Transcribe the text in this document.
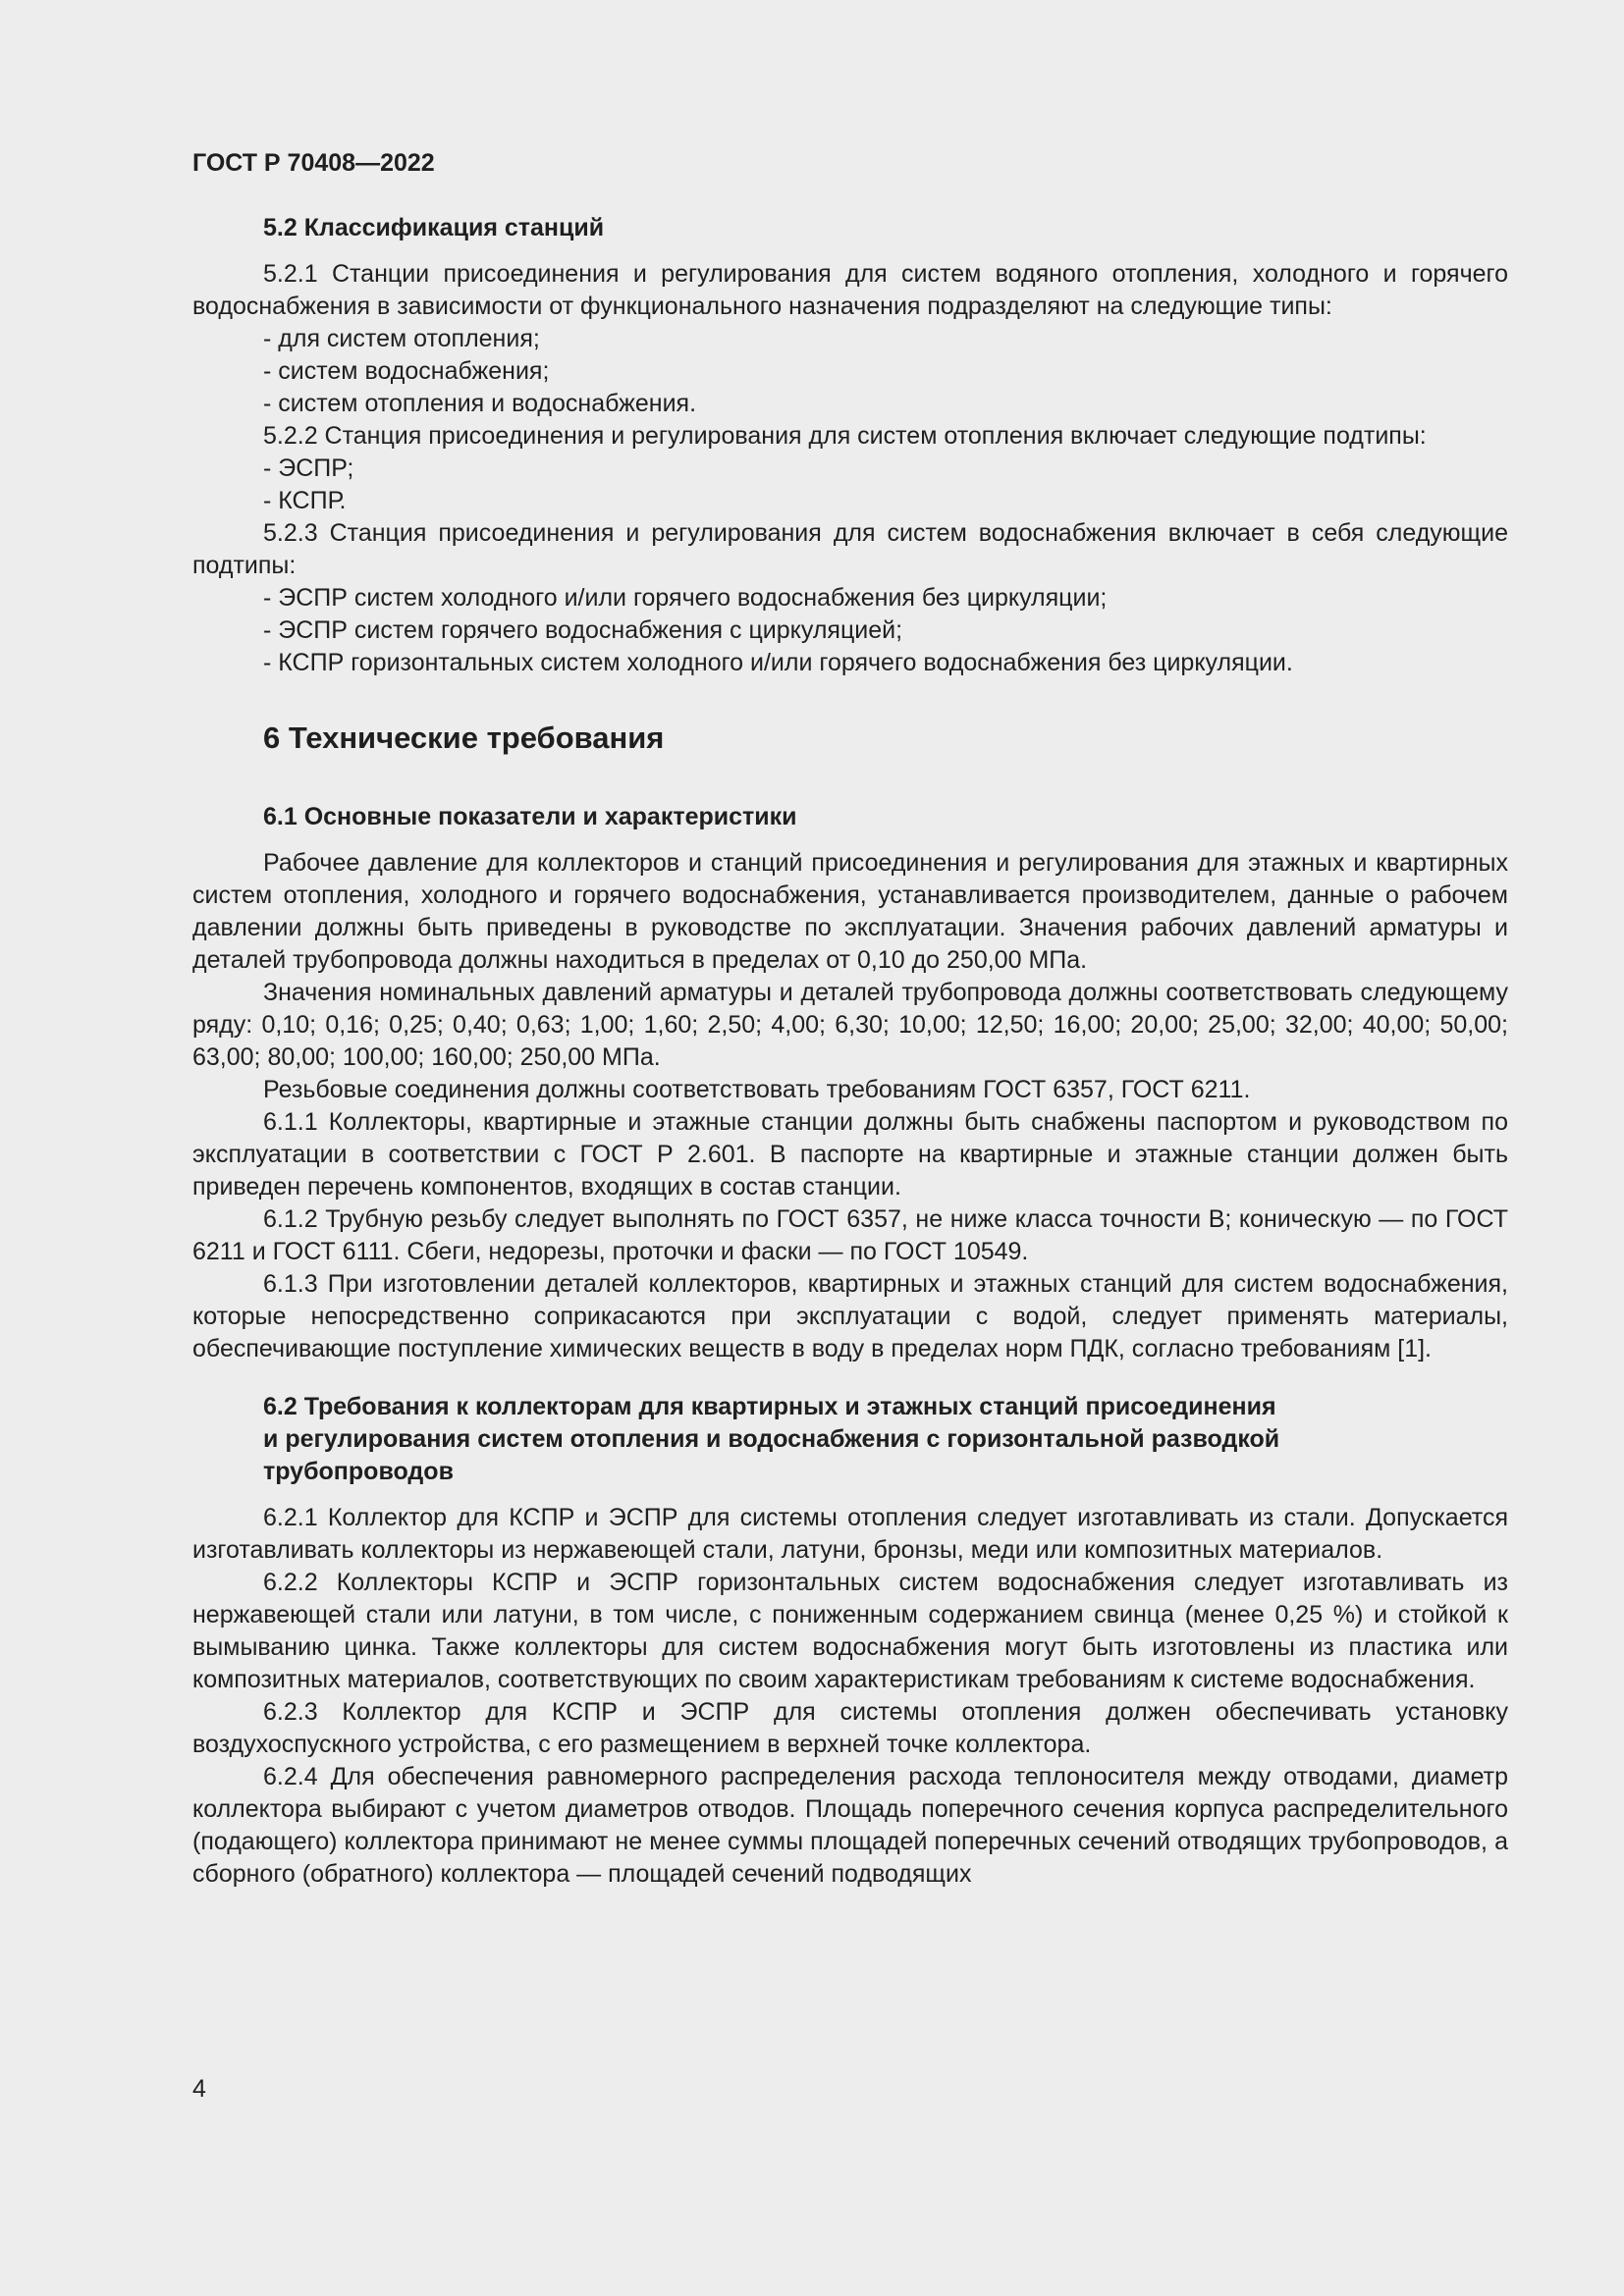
ГОСТ Р 70408—2022
5.2 Классификация станций

5.2.1 Станции присоединения и регулирования для систем водяного отопления, холодного и горячего водоснабжения в зависимости от функционального назначения подразделяют на следующие типы:

- для систем отопления;
- систем водоснабжения;
- систем отопления и водоснабжения.

5.2.2 Станция присоединения и регулирования для систем отопления включает следующие подтипы:

- ЭСПР;
- КСПР.

5.2.3 Станция присоединения и регулирования для систем водоснабжения включает в себя следующие подтипы:

- ЭСПР систем холодного и/или горячего водоснабжения без циркуляции;
- ЭСПР систем горячего водоснабжения с циркуляцией;
- КСПР горизонтальных систем холодного и/или горячего водоснабжения без циркуляции.
6 Технические требования
6.1 Основные показатели и характеристики

Рабочее давление для коллекторов и станций присоединения и регулирования для этажных и квартирных систем отопления, холодного и горячего водоснабжения, устанавливается производителем, данные о рабочем давлении должны быть приведены в руководстве по эксплуатации. Значения рабочих давлений арматуры и деталей трубопровода должны находиться в пределах от 0,10 до 250,00 МПа.

Значения номинальных давлений арматуры и деталей трубопровода должны соответствовать следующему ряду: 0,10; 0,16; 0,25; 0,40; 0,63; 1,00; 1,60; 2,50; 4,00; 6,30; 10,00; 12,50; 16,00; 20,00; 25,00; 32,00; 40,00; 50,00; 63,00; 80,00; 100,00; 160,00; 250,00 МПа.

Резьбовые соединения должны соответствовать требованиям ГОСТ 6357, ГОСТ 6211.

6.1.1 Коллекторы, квартирные и этажные станции должны быть снабжены паспортом и руководством по эксплуатации в соответствии с ГОСТ Р 2.601. В паспорте на квартирные и этажные станции должен быть приведен перечень компонентов, входящих в состав станции.

6.1.2 Трубную резьбу следует выполнять по ГОСТ 6357, не ниже класса точности В; коническую — по ГОСТ 6211 и ГОСТ 6111. Сбеги, недорезы, проточки и фаски — по ГОСТ 10549.

6.1.3 При изготовлении деталей коллекторов, квартирных и этажных станций для систем водоснабжения, которые непосредственно соприкасаются при эксплуатации с водой, следует применять материалы, обеспечивающие поступление химических веществ в воду в пределах норм ПДК, согласно требованиям [1].

6.2 Требования к коллекторам для квартирных и этажных станций присоединения
и регулирования систем отопления и водоснабжения с горизонтальной разводкой
трубопроводов

6.2.1 Коллектор для КСПР и ЭСПР для системы отопления следует изготавливать из стали. Допускается изготавливать коллекторы из нержавеющей стали, латуни, бронзы, меди или композитных материалов.

6.2.2 Коллекторы КСПР и ЭСПР горизонтальных систем водоснабжения следует изготавливать из нержавеющей стали или латуни, в том числе, с пониженным содержанием свинца (менее 0,25 %) и стойкой к вымыванию цинка. Также коллекторы для систем водоснабжения могут быть изготовлены из пластика или композитных материалов, соответствующих по своим характеристикам требованиям к системе водоснабжения.

6.2.3 Коллектор для КСПР и ЭСПР для системы отопления должен обеспечивать установку воздухоспускного устройства, с его размещением в верхней точке коллектора.

6.2.4 Для обеспечения равномерного распределения расхода теплоносителя между отводами, диаметр коллектора выбирают с учетом диаметров отводов. Площадь поперечного сечения корпуса распределительного (подающего) коллектора принимают не менее суммы площадей поперечных сечений отводящих трубопроводов, а сборного (обратного) коллектора — площадей сечений подводящих

4
